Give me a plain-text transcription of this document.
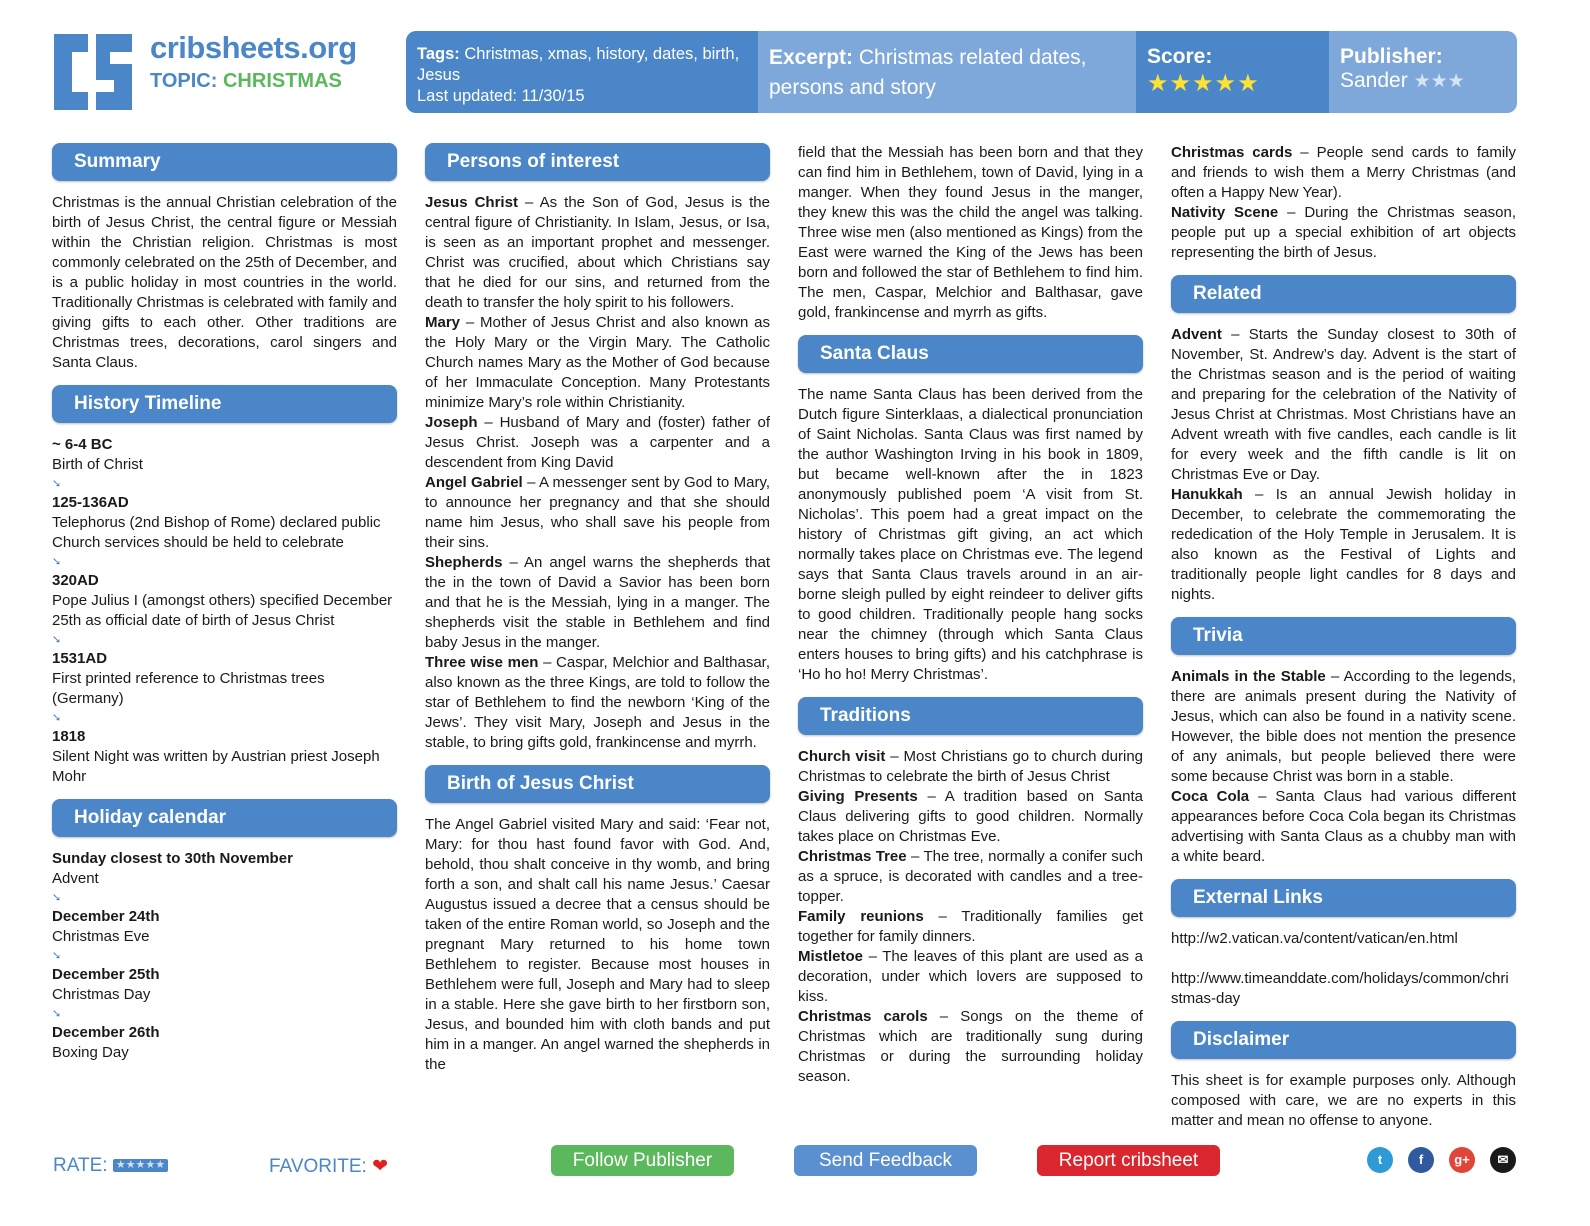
cribsheets.org
TOPIC: CHRISTMAS
Tags: Christmas, xmas, history, dates, birth, Jesus
Last updated: 11/30/15
Excerpt: Christmas related dates, persons and story
Score:
★★★★★
Publisher:
Sander ★★★
Summary

Christmas is the annual Christian celebration of the birth of Jesus Christ, the central figure or Messiah within the Christian religion. Christmas is most commonly celebrated on the 25th of December, and is a public holiday in most countries in the world. Traditionally Christmas is celebrated with family and giving gifts to each other. Other traditions are Christmas trees, decorations, carol singers and Santa Claus.

History Timeline
~ 6-4 BC
Birth of Christ
➘
125-136AD
Telephorus (2nd Bishop of Rome) declared public
Church services should be held to celebrate
➘
320AD
Pope Julius I (amongst others) specified December
25th as official date of birth of Jesus Christ
➘
1531AD
First printed reference to Christmas trees (Germany)
➘
1818
Silent Night was written by Austrian priest Joseph Mohr
Holiday calendar
Sunday closest to 30th November
Advent
➘
December 24th
Christmas Eve
➘
December 25th
Christmas Day
➘
December 26th
Boxing Day
Persons of interest

Jesus Christ – As the Son of God, Jesus is the central figure of Christianity. In Islam, Jesus, or Isa, is seen as an important prophet and messenger. Christ was crucified, about which Christians say that he died for our sins, and returned from the death to transfer the holy spirit to his followers.

Mary – Mother of Jesus Christ and also known as the Holy Mary or the Virgin Mary. The Catholic Church names Mary as the Mother of God because of her Immaculate Conception. Many Protestants minimize Mary’s role within Christianity.

Joseph – Husband of Mary and (foster) father of Jesus Christ. Joseph was a carpenter and a descendent from King David

Angel Gabriel – A messenger sent by God to Mary, to announce her pregnancy and that she should name him Jesus, who shall save his people from their sins.

Shepherds – An angel warns the shepherds that the in the town of David a Savior has been born and that he is the Messiah, lying in a manger. The shepherds visit the stable in Bethlehem and find baby Jesus in the manger.

Three wise men – Caspar, Melchior and Balthasar, also known as the three Kings, are told to follow the star of Bethlehem to find the newborn ‘King of the Jews’. They visit Mary, Joseph and Jesus in the stable, to bring gifts gold, frankincense and myrrh.

Birth of Jesus Christ

The Angel Gabriel visited Mary and said: ‘Fear not, Mary: for thou hast found favor with God. And, behold, thou shalt conceive in thy womb, and bring forth a son, and shalt call his name Jesus.’ Caesar Augustus issued a decree that a census should be taken of the entire Roman world, so Joseph and the pregnant Mary returned to his home town Bethlehem to register. Because most houses in Bethlehem were full, Joseph and Mary had to sleep in a stable. Here she gave birth to her firstborn son, Jesus, and bounded him with cloth bands and put him in a manger. An angel warned the shepherds in the

field that the Messiah has been born and that they can find him in Bethlehem, town of David, lying in a manger. When they found Jesus in the manger, they knew this was the child the angel was talking. Three wise men (also mentioned as Kings) from the East were warned the King of the Jews has been born and followed the star of Bethlehem to find him. The men, Caspar, Melchior and Balthasar, gave gold, frankincense and myrrh as gifts.

Santa Claus

The name Santa Claus has been derived from the Dutch figure Sinterklaas, a dialectical pronunciation of Saint Nicholas. Santa Claus was first named by the author Washington Irving in his book in 1809, but became well-known after the in 1823 anonymously published poem ‘A visit from St. Nicholas’. This poem had a great impact on the history of Christmas gift giving, an act which normally takes place on Christmas eve. The legend says that Santa Claus travels around in an air-borne sleigh pulled by eight reindeer to deliver gifts to good children. Traditionally people hang socks near the chimney (through which Santa Claus enters houses to bring gifts) and his catchphrase is ‘Ho ho ho! Merry Christmas’.

Traditions

Church visit – Most Christians go to church during Christmas to celebrate the birth of Jesus Christ

Giving Presents – A tradition based on Santa Claus delivering gifts to good children. Normally takes place on Christmas Eve.

Christmas Tree – The tree, normally a conifer such as a spruce, is decorated with candles and a tree-topper.

Family reunions – Traditionally families get together for family dinners.

Mistletoe – The leaves of this plant are used as a decoration, under which lovers are supposed to kiss.

Christmas carols – Songs on the theme of Christmas which are traditionally sung during Christmas or during the surrounding holiday season.

Christmas cards – People send cards to family and friends to wish them a Merry Christmas (and often a Happy New Year).

Nativity Scene – During the Christmas season, people put up a special exhibition of art objects representing the birth of Jesus.

Related

Advent – Starts the Sunday closest to 30th of November, St. Andrew’s day. Advent is the start of the Christmas season and is the period of waiting and preparing for the celebration of the Nativity of Jesus Christ at Christmas. Most Christians have an Advent wreath with five candles, each candle is lit for every week and the fifth candle is lit on Christmas Eve or Day.

Hanukkah – Is an annual Jewish holiday in December, to celebrate the commemorating the rededication of the Holy Temple in Jerusalem. It is also known as the Festival of Lights and traditionally people light candles for 8 days and nights.

Trivia

Animals in the Stable – According to the legends, there are animals present during the Nativity of Jesus, which can also be found in a nativity scene. However, the bible does not mention the presence of any animals, but people believed there were some because Christ was born in a stable.

Coca Cola – Santa Claus had various different appearances before Coca Cola began its Christmas advertising with Santa Claus as a chubby man with a white beard.

External Links
http://w2.vatican.va/content/vatican/en.html
http://www.timeanddate.com/holidays/common/christmas-day
Disclaimer

This sheet is for example purposes only. Although composed with care, we are no experts in this matter and mean no offense to anyone.

RATE: ★★★★★	FAVORITE: ❤	Follow Publisher	Send Feedback	Report cribsheet	t	f	g+	✉
